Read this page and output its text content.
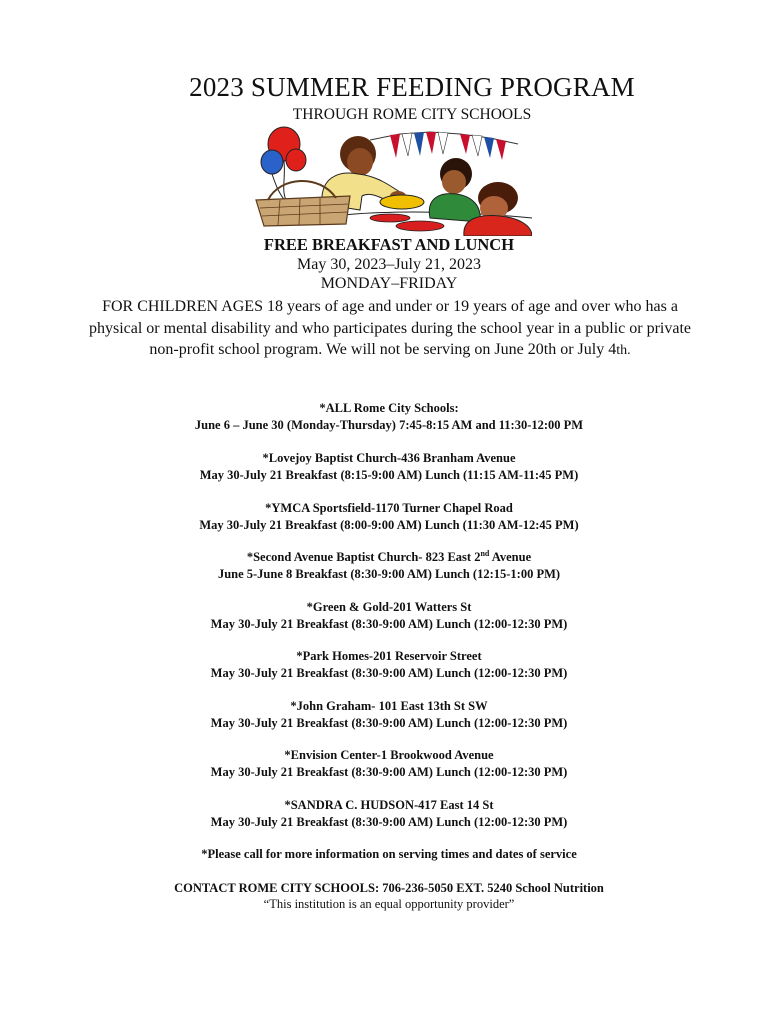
2023 SUMMER FEEDING PROGRAM
THROUGH ROME CITY SCHOOLS
FREE BREAKFAST AND LUNCH
May 30, 2023–July 21, 2023
MONDAY–FRIDAY
FOR CHILDREN AGES 18 years of age and under or 19 years of age and over who has a physical or mental disability and who participates during the school year in a public or private non-profit school program. We will not be serving on June 20th or July 4th.
*ALL Rome City Schools:
June 6 – June 30 (Monday-Thursday) 7:45-8:15 AM and 11:30-12:00 PM
*Lovejoy Baptist Church-436 Branham Avenue
May 30-July 21 Breakfast (8:15-9:00 AM) Lunch (11:15 AM-11:45 PM)
*YMCA Sportsfield-1170 Turner Chapel Road
May 30-July 21 Breakfast (8:00-9:00 AM) Lunch (11:30 AM-12:45 PM)
*Second Avenue Baptist Church- 823 East 2nd Avenue
June 5-June 8 Breakfast (8:30-9:00 AM) Lunch (12:15-1:00 PM)
*Green & Gold-201 Watters St
May 30-July 21 Breakfast (8:30-9:00 AM) Lunch (12:00-12:30 PM)
*Park Homes-201 Reservoir Street
May 30-July 21 Breakfast (8:30-9:00 AM) Lunch (12:00-12:30 PM)
*John Graham- 101 East 13th St SW
May 30-July 21 Breakfast (8:30-9:00 AM) Lunch (12:00-12:30 PM)
*Envision Center-1 Brookwood Avenue
May 30-July 21 Breakfast (8:30-9:00 AM) Lunch (12:00-12:30 PM)
*SANDRA C. HUDSON-417 East 14 St
May 30-July 21 Breakfast (8:30-9:00 AM) Lunch (12:00-12:30 PM)
*Please call for more information on serving times and dates of service
CONTACT ROME CITY SCHOOLS: 706-236-5050 EXT. 5240 School Nutrition
“This institution is an equal opportunity provider”
